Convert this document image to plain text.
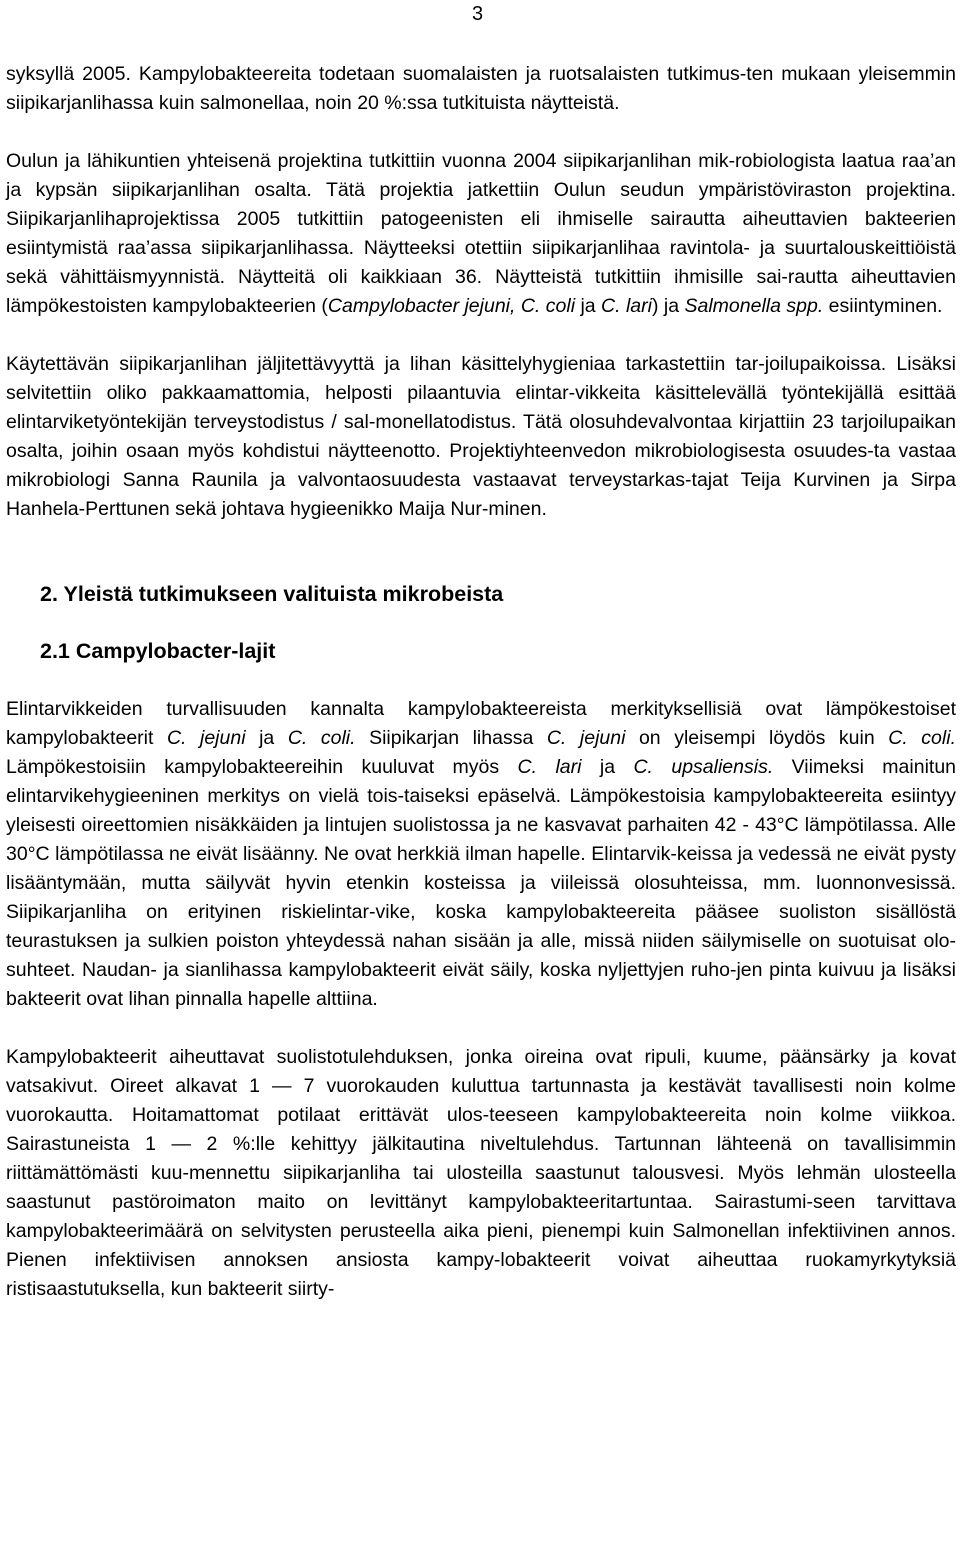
3

syksyllä 2005. Kampylobakteereita todetaan suomalaisten ja ruotsalaisten tutkimus-ten mukaan yleisemmin siipikarjanlihassa kuin salmonellaa, noin 20 %:ssa tutkituista näytteistä.

Oulun ja lähikuntien yhteisenä projektina tutkittiin vuonna 2004 siipikarjanlihan mik-robiologista laatua raa’an ja kypsän siipikarjanlihan osalta. Tätä projektia jatkettiin Oulun seudun ympäristöviraston projektina. Siipikarjanlihaprojektissa 2005 tutkittiin patogeenisten eli ihmiselle sairautta aiheuttavien bakteerien esiintymistä raa’assa siipikarjanlihassa. Näytteeksi otettiin siipikarjanlihaa ravintola- ja suurtalouskeittiöistä sekä vähittäismyynnistä. Näytteitä oli kaikkiaan 36. Näytteistä tutkittiin ihmisille sai-rautta aiheuttavien lämpökestoisten kampylobakteerien (Campylobacter jejuni, C. coli ja C. lari) ja Salmonella spp. esiintyminen.

Käytettävän siipikarjanlihan jäljitettävyyttä ja lihan käsittelyhygieniaa tarkastettiin tar-joilupaikoissa. Lisäksi selvitettiin oliko pakkaamattomia, helposti pilaantuvia elintar-vikkeita käsittelevällä työntekijällä esittää elintarviketyöntekijän terveystodistus / sal-monellatodistus. Tätä olosuhdevalvontaa kirjattiin 23 tarjoilupaikan osalta, joihin osaan myös kohdistui näytteenotto. Projektiyhteenvedon mikrobiologisesta osuudes-ta vastaa mikrobiologi Sanna Raunila ja valvontaosuudesta vastaavat terveystarkas-tajat Teija Kurvinen ja Sirpa Hanhela-Perttunen sekä johtava hygieenikko Maija Nur-minen.

2. Yleistä tutkimukseen valituista mikrobeista

2.1 Campylobacter-lajit

Elintarvikkeiden turvallisuuden kannalta kampylobakteereista merkityksellisiä ovat lämpökestoiset kampylobakteerit C. jejuni ja C. coli. Siipikarjan lihassa C. jejuni on yleisempi löydös kuin C. coli. Lämpökestoisiin kampylobakteereihin kuuluvat myös C. lari ja C. upsaliensis. Viimeksi mainitun elintarvikehygieeninen merkitys on vielä tois-taiseksi epäselvä. Lämpökestoisia kampylobakteereita esiintyy yleisesti oireettomien nisäkkäiden ja lintujen suolistossa ja ne kasvavat parhaiten 42 - 43°C lämpötilassa. Alle 30°C lämpötilassa ne eivät lisäänny. Ne ovat herkkiä ilman hapelle. Elintarvik-keissa ja vedessä ne eivät pysty lisääntymään, mutta säilyvät hyvin etenkin kosteissa ja viileissä olosuhteissa, mm. luonnonvesissä. Siipikarjanliha on erityinen riskielintar-vike, koska kampylobakteereita pääsee suoliston sisällöstä teurastuksen ja sulkien poiston yhteydessä nahan sisään ja alle, missä niiden säilymiselle on suotuisat olo-suhteet. Naudan- ja sianlihassa kampylobakteerit eivät säily, koska nyljettyjen ruho-jen pinta kuivuu ja lisäksi bakteerit ovat lihan pinnalla hapelle alttiina.

Kampylobakteerit aiheuttavat suolistotulehduksen, jonka oireina ovat ripuli, kuume, päänsärky ja kovat vatsakivut. Oireet alkavat 1 — 7 vuorokauden kuluttua tartunnasta ja kestävät tavallisesti noin kolme vuorokautta. Hoitamattomat potilaat erittävät ulos-teeseen kampylobakteereita noin kolme viikkoa. Sairastuneista 1 — 2 %:lle kehittyy jälkitautina niveltulehdus. Tartunnan lähteenä on tavallisimmin riittämättömästi kuu-mennettu siipikarjanliha tai ulosteilla saastunut talousvesi. Myös lehmän ulosteella saastunut pastöroimaton maito on levittänyt kampylobakteeritartuntaa. Sairastumi-seen tarvittava kampylobakteerimäärä on selvitysten perusteella aika pieni, pienempi kuin Salmonellan infektiivinen annos. Pienen infektiivisen annoksen ansiosta kampy-lobakteerit voivat aiheuttaa ruokamyrkytyksiä ristisaastutuksella, kun bakteerit siirty-
